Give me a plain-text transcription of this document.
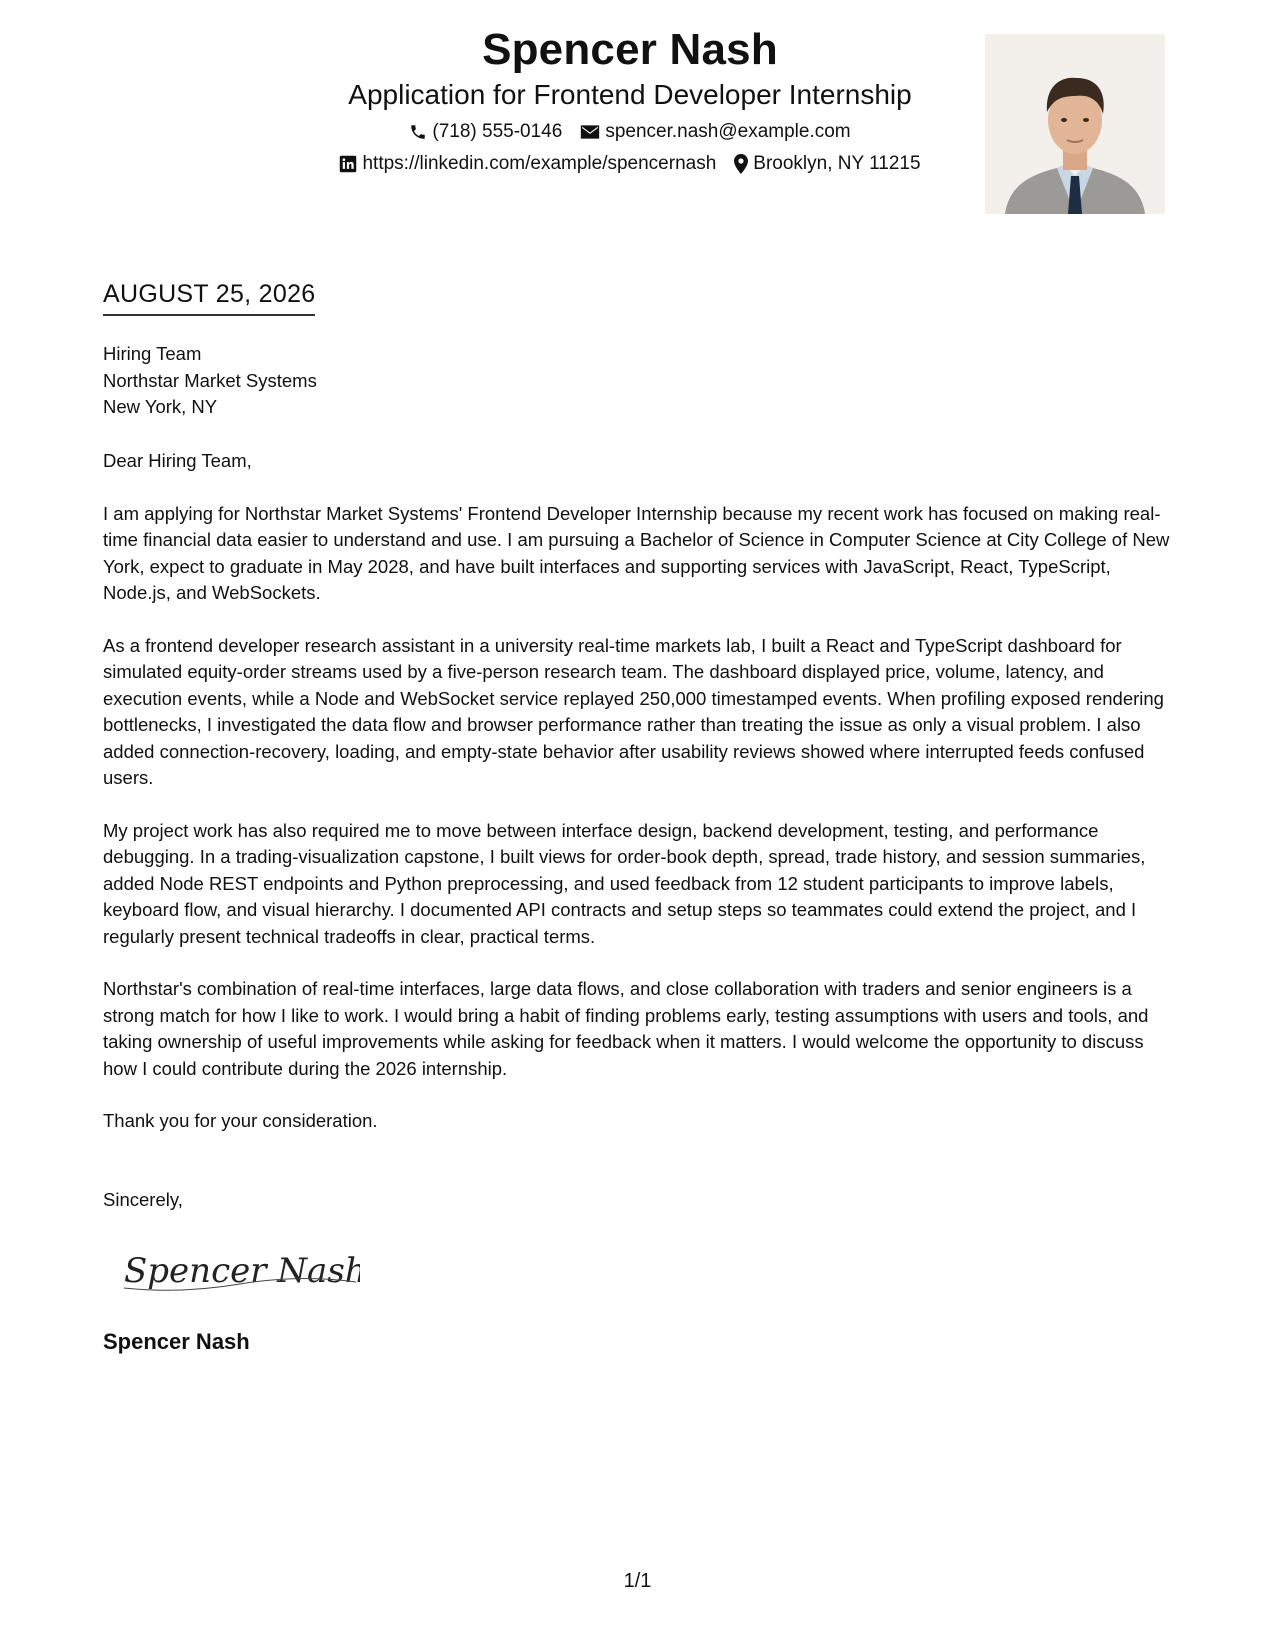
Spencer Nash
Application for Frontend Developer Internship
(718) 555-0146 spencer.nash@example.com
https://linkedin.com/example/spencernash Brooklyn, NY 11215
AUGUST 25, 2026
Hiring Team
Northstar Market Systems
New York, NY

Dear Hiring Team,

I am applying for Northstar Market Systems' Frontend Developer Internship because my recent work has focused on making real-time financial data easier to understand and use. I am pursuing a Bachelor of Science in Computer Science at City College of New York, expect to graduate in May 2028, and have built interfaces and supporting services with JavaScript, React, TypeScript, Node.js, and WebSockets.

As a frontend developer research assistant in a university real-time markets lab, I built a React and TypeScript dashboard for simulated equity-order streams used by a five-person research team. The dashboard displayed price, volume, latency, and execution events, while a Node and WebSocket service replayed 250,000 timestamped events. When profiling exposed rendering bottlenecks, I investigated the data flow and browser performance rather than treating the issue as only a visual problem. I also added connection-recovery, loading, and empty-state behavior after usability reviews showed where interrupted feeds confused users.

My project work has also required me to move between interface design, backend development, testing, and performance debugging. In a trading-visualization capstone, I built views for order-book depth, spread, trade history, and session summaries, added Node REST endpoints and Python preprocessing, and used feedback from 12 student participants to improve labels, keyboard flow, and visual hierarchy. I documented API contracts and setup steps so teammates could extend the project, and I regularly present technical tradeoffs in clear, practical terms.

Northstar's combination of real-time interfaces, large data flows, and close collaboration with traders and senior engineers is a strong match for how I like to work. I would bring a habit of finding problems early, testing assumptions with users and tools, and taking ownership of useful improvements while asking for feedback when it matters. I would welcome the opportunity to discuss how I could contribute during the 2026 internship.

Thank you for your consideration.

Sincerely,
Spencer Nash
Spencer Nash
1/1
